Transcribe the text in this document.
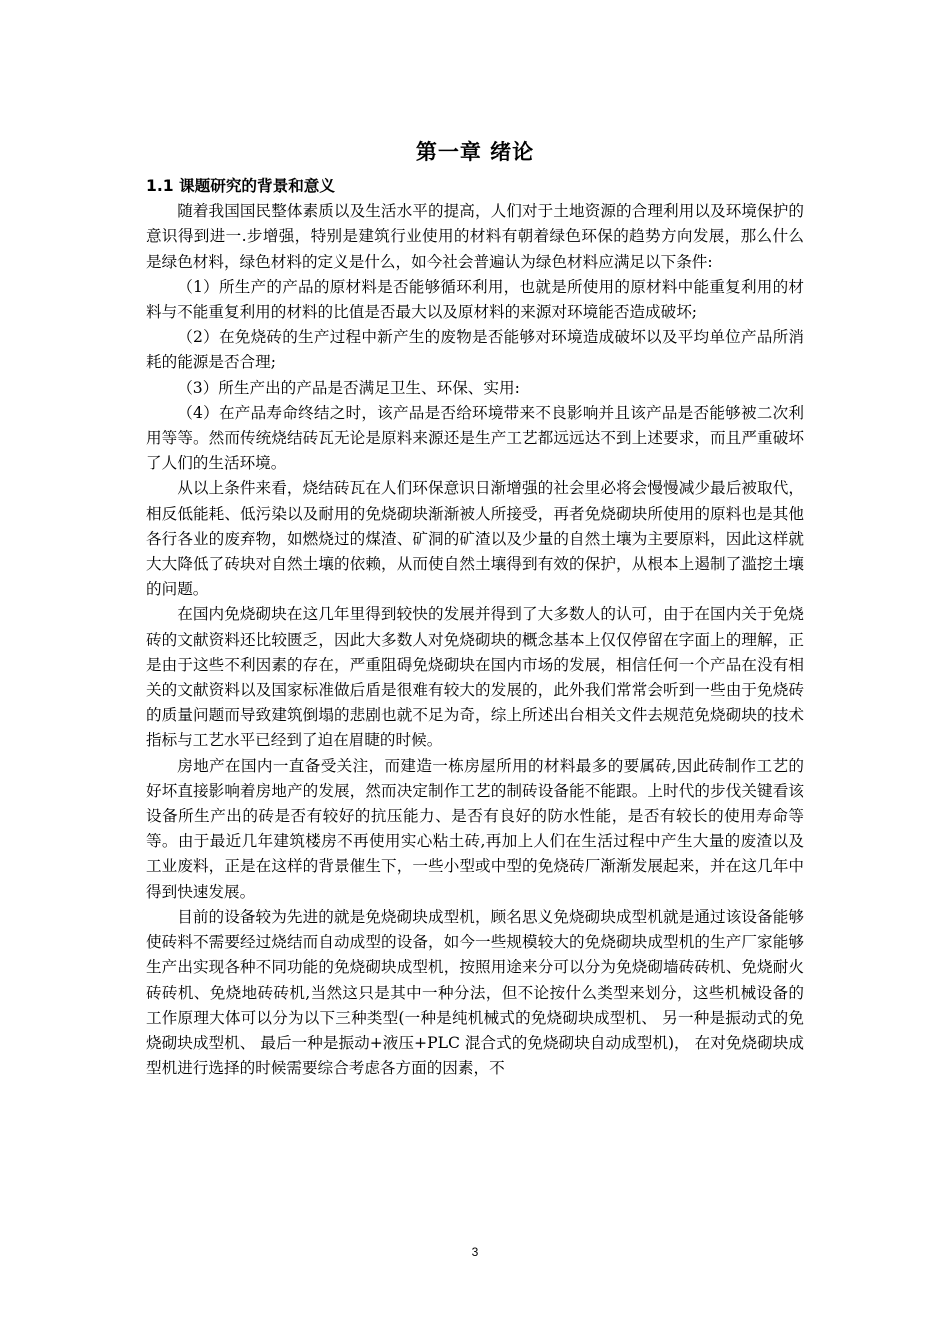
第一章 绪论

1.1 课题研究的背景和意义

随着我国国民整体素质以及生活水平的提高，人们对于土地资源的合理利用以及环境保护的意识得到进一.步增强，特别是建筑行业使用的材料有朝着绿色环保的趋势方向发展，那么什么是绿色材料，绿色材料的定义是什么，如今社会普遍认为绿色材料应满足以下条件:

（1）所生产的产品的原材料是否能够循环利用，也就是所使用的原材料中能重复利用的材料与不能重复利用的材料的比值是否最大以及原材料的来源对环境能否造成破坏;

（2）在免烧砖的生产过程中新产生的废物是否能够对环境造成破坏以及平均单位产品所消耗的能源是否合理;

（3）所生产出的产品是否满足卫生、环保、实用:

（4）在产品寿命终结之时，该产品是否给环境带来不良影响并且该产品是否能够被二次利用等等。然而传统烧结砖瓦无论是原料来源还是生产工艺都远远达不到上述要求，而且严重破坏了人们的生活环境。

从以上条件来看，烧结砖瓦在人们环保意识日渐增强的社会里必将会慢慢减少最后被取代，相反低能耗、低污染以及耐用的免烧砌块渐渐被人所接受，再者免烧砌块所使用的原料也是其他各行各业的废弃物，如燃烧过的煤渣、矿洞的矿渣以及少量的自然土壤为主要原料，因此这样就大大降低了砖块对自然土壤的依赖，从而使自然土壤得到有效的保护，从根本上遏制了滥挖土壤的问题。

在国内免烧砌块在这几年里得到较快的发展并得到了大多数人的认可，由于在国内关于免烧砖的文献资料还比较匮乏，因此大多数人对免烧砌块的概念基本上仅仅停留在字面上的理解，正是由于这些不利因素的存在，严重阻碍免烧砌块在国内市场的发展，相信任何一个产品在没有相关的文献资料以及国家标准做后盾是很难有较大的发展的，此外我们常常会听到一些由于免烧砖的质量问题而导致建筑倒塌的悲剧也就不足为奇，综上所述出台相关文件去规范免烧砌块的技术指标与工艺水平已经到了迫在眉睫的时候。

房地产在国内一直备受关注，而建造一栋房屋所用的材料最多的要属砖,因此砖制作工艺的好坏直接影响着房地产的发展，然而决定制作工艺的制砖设备能不能跟。上时代的步伐关键看该设备所生产出的砖是否有较好的抗压能力、是否有良好的防水性能，是否有较长的使用寿命等等。由于最近几年建筑楼房不再使用实心粘土砖,再加上人们在生活过程中产生大量的废渣以及工业废料，正是在这样的背景催生下，一些小型或中型的免烧砖厂渐渐发展起来，并在这几年中得到快速发展。

目前的设备较为先进的就是免烧砌块成型机，顾名思义免烧砌块成型机就是通过该设备能够使砖料不需要经过烧结而自动成型的设备，如今一些规模较大的免烧砌块成型机的生产厂家能够生产出实现各种不同功能的免烧砌块成型机，按照用途来分可以分为免烧砌墙砖砖机、免烧耐火砖砖机、免烧地砖砖机,当然这只是其中一种分法，但不论按什么类型来划分，这些机械设备的工作原理大体可以分为以下三种类型(一种是纯机械式的免烧砌块成型机、 另一种是振动式的免烧砌块成型机、 最后一种是振动+液压+PLC 混合式的免烧砌块自动成型机)， 在对免烧砌块成型机进行选择的时候需要综合考虑各方面的因素，不

3
